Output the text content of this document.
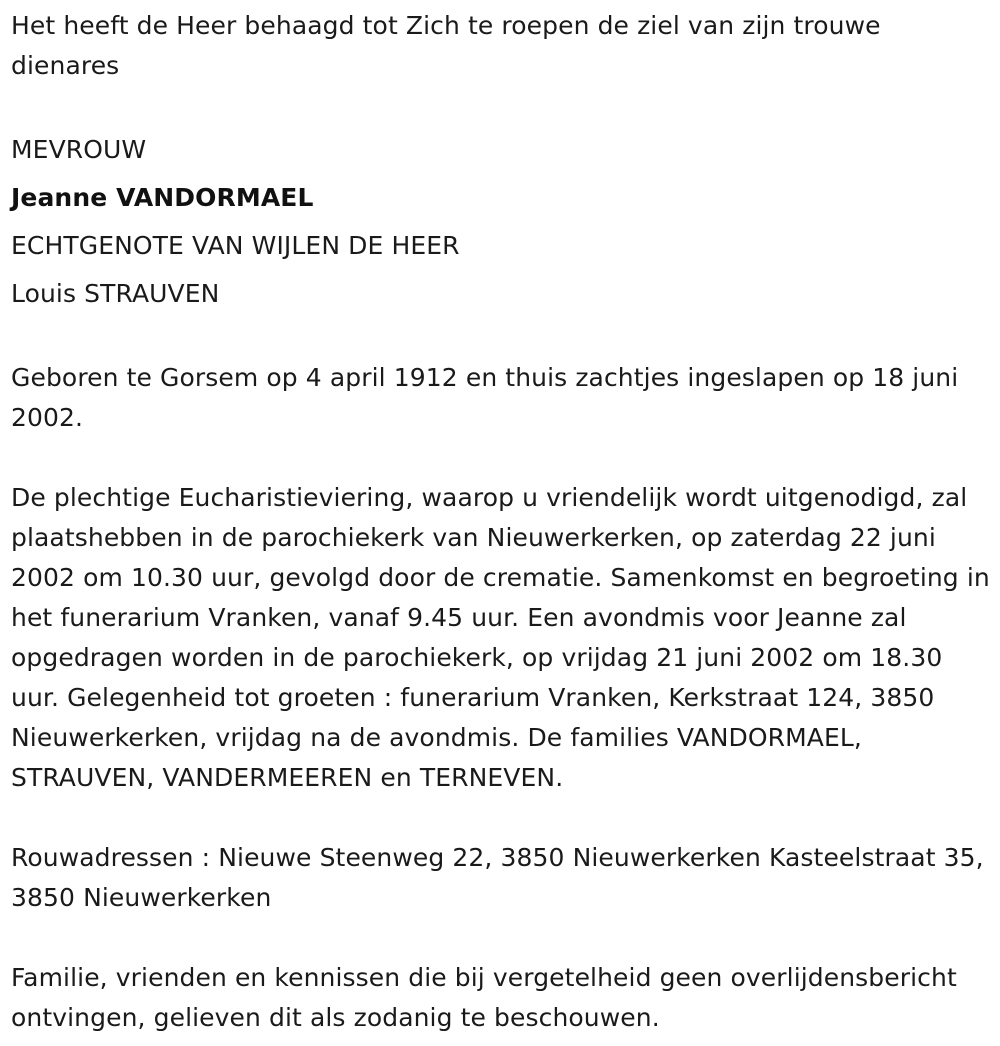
Het heeft de Heer behaagd tot Zich te roepen de ziel van zijn trouwe dienares

MEVROUW

Jeanne VANDORMAEL

ECHTGENOTE VAN WIJLEN DE HEER

Louis STRAUVEN

Geboren te Gorsem op 4 april 1912 en thuis zachtjes ingeslapen op 18 juni 2002.

De plechtige Eucharistieviering, waarop u vriendelijk wordt uitgenodigd, zal plaatshebben in de parochiekerk van Nieuwerkerken, op zaterdag 22 juni 2002 om 10.30 uur, gevolgd door de crematie. Samenkomst en begroeting in het funerarium Vranken, vanaf 9.45 uur. Een avondmis voor Jeanne zal opgedragen worden in de parochiekerk, op vrijdag 21 juni 2002 om 18.30 uur. Gelegenheid tot groeten : funerarium Vranken, Kerkstraat 124, 3850 Nieuwerkerken, vrijdag na de avondmis. De families VANDORMAEL, STRAUVEN, VANDERMEEREN en TERNEVEN.

Rouwadressen : Nieuwe Steenweg 22, 3850 Nieuwerkerken Kasteelstraat 35, 3850 Nieuwerkerken

Familie, vrienden en kennissen die bij vergetelheid geen overlijdensbericht ontvingen, gelieven dit als zodanig te beschouwen.
